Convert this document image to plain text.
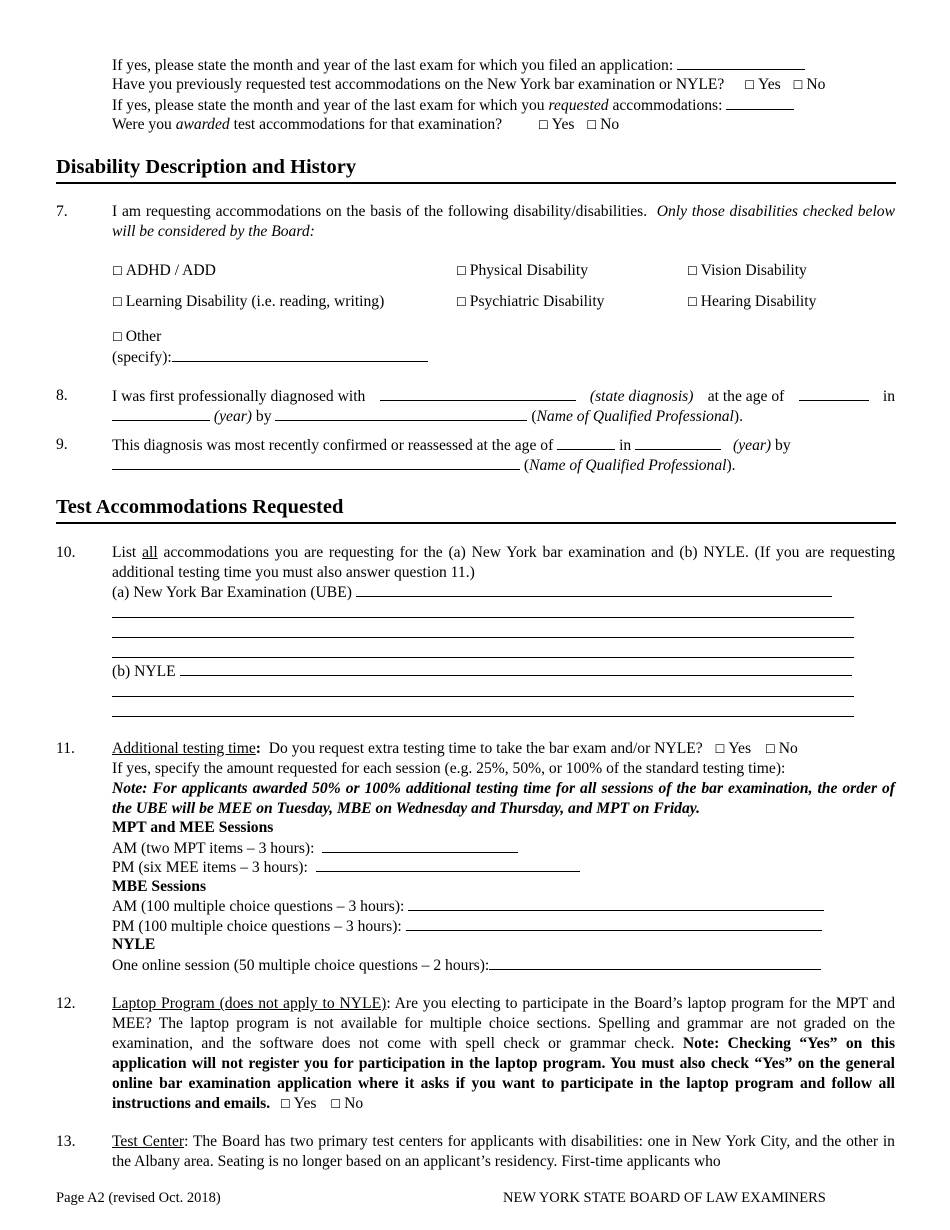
If yes, please state the month and year of the last exam for which you filed an application:
Have you previously requested test accommodations on the New York bar examination or NYLE? ☐ Yes ☐ No
If yes, please state the month and year of the last exam for which you requested accommodations:
Were you awarded test accommodations for that examination?	☐ Yes ☐ No
Disability Description and History
7.	I am requesting accommodations on the basis of the following disability/disabilities. Only those disabilities checked below will be considered by the Board:
☐ ADHD / ADD	☐ Physical Disability	☐ Vision Disability
☐ Learning Disability (i.e. reading, writing)	☐ Psychiatric Disability	☐ Hearing Disability
☐ Other
(specify):
8.	I was first professionally diagnosed with	(state diagnosis) at the age of	in
(year) by	(Name of Qualified Professional).
9.	This diagnosis was most recently confirmed or reassessed at the age of	in	(year) by
(Name of Qualified Professional).
Test Accommodations Requested
10. List all accommodations you are requesting for the (a) New York bar examination and (b) NYLE. (If you are requesting additional testing time you must also answer question 11.)
(a) New York Bar Examination (UBE)
(b) NYLE
11. Additional testing time: Do you request extra testing time to take the bar exam and/or NYLE? ☐ Yes ☐ No
If yes, specify the amount requested for each session (e.g. 25%, 50%, or 100% of the standard testing time):
Note: For applicants awarded 50% or 100% additional testing time for all sessions of the bar examination, the order of the UBE will be MEE on Tuesday, MBE on Wednesday and Thursday, and MPT on Friday.
MPT and MEE Sessions
AM (two MPT items – 3 hours):
PM (six MEE items – 3 hours):
MBE Sessions
AM (100 multiple choice questions – 3 hours):
PM (100 multiple choice questions – 3 hours):
NYLE
One online session (50 multiple choice questions – 2 hours):
12. Laptop Program (does not apply to NYLE): Are you electing to participate in the Board’s laptop program for the MPT and MEE? The laptop program is not available for multiple choice sections. Spelling and grammar are not graded on the examination, and the software does not come with spell check or grammar check. Note: Checking “Yes” on this application will not register you for participation in the laptop program. You must also check “Yes” on the general online bar examination application where it asks if you want to participate in the laptop program and follow all instructions and emails. ☐ Yes ☐ No
13. Test Center: The Board has two primary test centers for applicants with disabilities: one in New York City, and the other in the Albany area. Seating is no longer based on an applicant’s residency. First-time applicants who
Page A2 (revised Oct. 2018)	NEW YORK STATE BOARD OF LAW EXAMINERS
